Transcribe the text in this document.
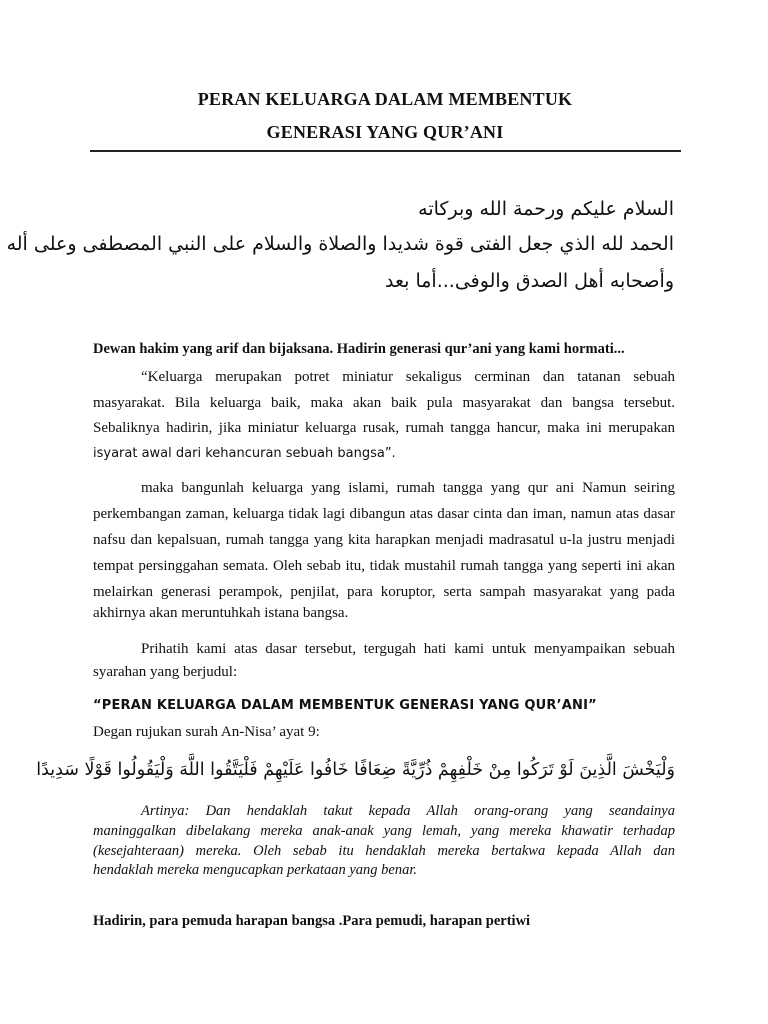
PERAN KELUARGA DALAM MEMBENTUK
GENERASI YANG QUR’ANI
السلام عليكم ورحمة الله وبركاته
الحمد لله الذي جعل الفتى قوة شديدا والصلاة والسلام على النبي المصطفى وعلى أله
وأصحابه أهل الصدق والوفى...أما بعد
Dewan hakim yang arif dan bijaksana. Hadirin generasi qur’ani yang kami hormati...
“Keluarga merupakan potret miniatur sekaligus cerminan dan tatanan sebuah
masyarakat. Bila keluarga baik, maka akan baik pula masyarakat dan bangsa tersebut.
Sebaliknya hadirin, jika miniatur keluarga rusak, rumah tangga hancur, maka ini merupakan
isyarat awal dari kehancuran sebuah bangsa”.
maka bangunlah keluarga yang islami, rumah tangga yang qur ani Namun seiring
perkembangan zaman, keluarga tidak lagi dibangun atas dasar cinta dan iman, namun atas dasar
nafsu dan kepalsuan, rumah tangga yang kita harapkan menjadi madrasatul u-la justru menjadi
tempat persinggahan semata. Oleh sebab itu, tidak mustahil rumah tangga yang seperti ini akan
melairkan generasi perampok, penjilat, para koruptor, serta sampah masyarakat yang pada
akhirnya akan meruntuhkah istana bangsa.
Prihatih kami atas dasar tersebut, tergugah hati kami untuk menyampaikan sebuah
syarahan yang berjudul:
“PERAN KELUARGA DALAM MEMBENTUK GENERASI YANG QUR’ANI”
Degan rujukan surah An-Nisa’ ayat 9:
وَلْيَخْشَ الَّذِينَ لَوْ تَرَكُوا مِنْ خَلْفِهِمْ ذُرِّيَّةً ضِعَافًا خَافُوا عَلَيْهِمْ فَلْيَتَّقُوا اللَّهَ وَلْيَقُولُوا قَوْلًا سَدِيدًا
Artinya: Dan hendaklah takut kepada Allah orang-orang yang seandainya
maninggalkan dibelakang mereka anak-anak yang lemah, yang mereka khawatir terhadap
(kesejahteraan) mereka. Oleh sebab itu hendaklah mereka bertakwa kepada Allah dan
hendaklah mereka mengucapkan perkataan yang benar.
Hadirin, para pemuda harapan bangsa .Para pemudi, harapan pertiwi
